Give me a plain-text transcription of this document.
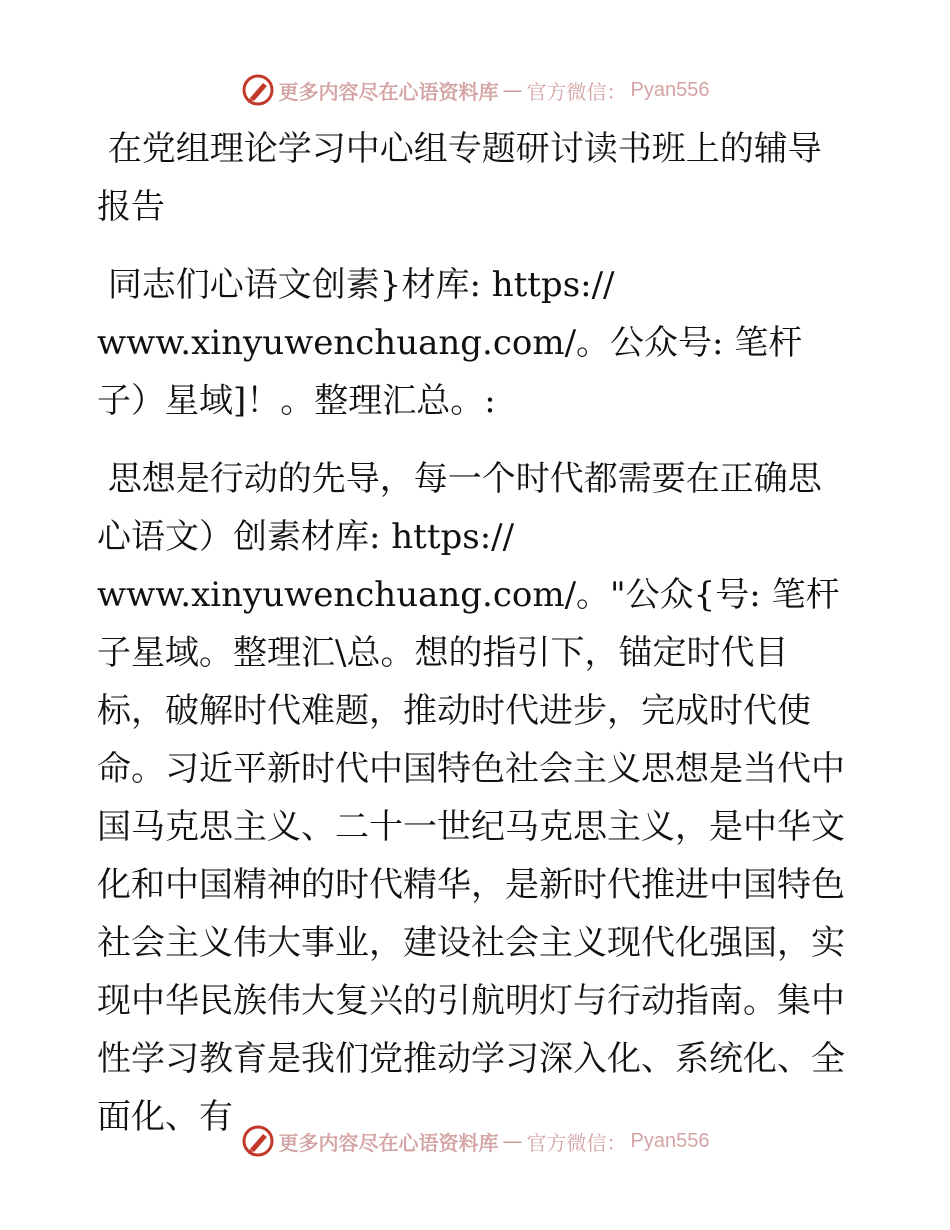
更多内容尽在心语资料库 — 官方微信： Pyan556

在党组理论学习中心组专题研讨读书班上的辅导报告

同志们心语文创素}材库: https://
www.xinyuwenchuang.com/。公众号: 笔杆子）星域]！。整理汇总。:

思想是行动的先导，每一个时代都需要在正确思心语文）创素材库: https://
www.xinyuwenchuang.com/。"公众{号: 笔杆子星域。整理汇\总。想的指引下，锚定时代目标，破解时代难题，推动时代进步，完成时代使命。习近平新时代中国特色社会主义思想是当代中国马克思主义、二十一世纪马克思主义，是中华文化和中国精神的时代精华，是新时代推进中国特色社会主义伟大事业，建设社会主义现代化强国，实现中华民族伟大复兴的引航明灯与行动指南。集中性学习教育是我们党推动学习深入化、系统化、全面化、有

更多内容尽在心语资料库 — 官方微信： Pyan556
